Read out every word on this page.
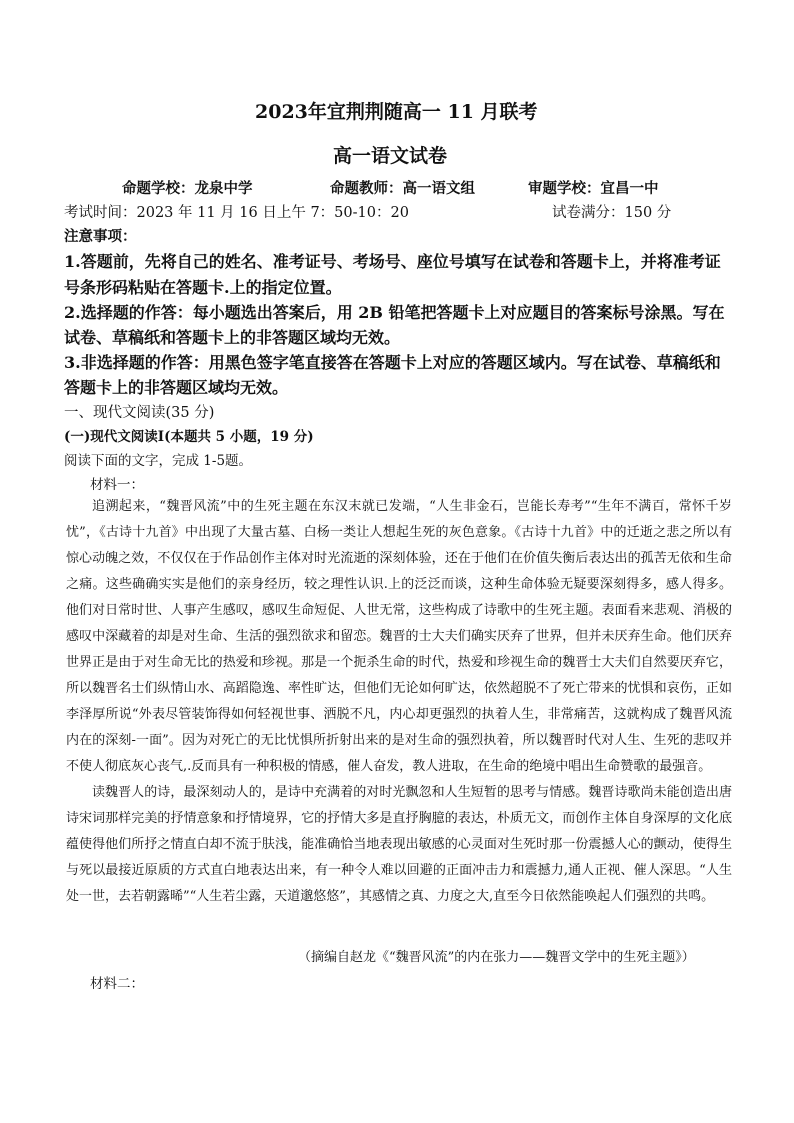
2023年宜荆荆随高一 11 月联考
高一语文试卷
命题学校：龙泉中学	命题教师：高一语文组	审题学校：宜昌一中
考试时间：2023 年 11 月 16 日上午 7：50-10：20	试卷满分：150 分
注意事项：
1.答题前，先将自己的姓名、准考证号、考场号、座位号填写在试卷和答题卡上，并将准考证
号条形码粘贴在答题卡.上的指定位置。
2.选择题的作答：每小题选出答案后，用 2B 铅笔把答题卡上对应题目的答案标号涂黑。写在
试卷、草稿纸和答题卡上的非答题区域均无效。
3.非选择题的作答：用黑色签字笔直接答在答题卡上对应的答题区域内。写在试卷、草稿纸和
答题卡上的非答题区域均无效。
一、现代文阅读(35 分)
(一)现代文阅读Ⅰ(本题共 5 小题，19 分)
阅读下面的文字，完成 1-5题。
材料一：

追溯起来，“魏晋风流”中的生死主题在东汉末就已发端，“人生非金石，岂能长寿考”“生年不满百，常怀千岁忧”，《古诗十九首》中出现了大量古墓、白杨一类让人想起生死的灰色意象。《古诗十九首》中的迁逝之悲之所以有惊心动魄之效，不仅仅在于作品创作主体对时光流逝的深刻体验，还在于他们在价值失衡后表达出的孤苦无依和生命之痛。这些确确实实是他们的亲身经历，较之理性认识.上的泛泛而谈，这种生命体验无疑要深刻得多，感人得多。他们对日常时世、人事产生感叹，感叹生命短促、人世无常，这些构成了诗歌中的生死主题。表面看来悲观、消极的感叹中深藏着的却是对生命、生活的强烈欲求和留恋。魏晋的士大夫们确实厌弃了世界，但并未厌弃生命。他们厌弃世界正是由于对生命无比的热爱和珍视。那是一个扼杀生命的时代，热爱和珍视生命的魏晋士大夫们自然要厌弃它，所以魏晋名士们纵情山水、高蹈隐逸、率性旷达，但他们无论如何旷达，依然超脱不了死亡带来的忧惧和哀伤，正如李泽厚所说“外表尽管装饰得如何轻视世事、洒脱不凡，内心却更强烈的执着人生，非常痛苦，这就构成了魏晋风流内在的深刻-一面”。因为对死亡的无比忧惧所折射出来的是对生命的强烈执着，所以魏晋时代对人生、生死的悲叹并不使人彻底灰心丧气,.反而具有一种积极的情感，催人奋发，教人进取，在生命的绝境中唱出生命赞歌的最强音。

读魏晋人的诗，最深刻动人的，是诗中充满着的对时光飘忽和人生短暂的思考与情感。魏晋诗歌尚未能创造出唐诗宋词那样完美的抒情意象和抒情境界，它的抒情大多是直抒胸臆的表达，朴质无文，而创作主体自身深厚的文化底蕴使得他们所抒之情直白却不流于肤浅，能准确恰当地表现出敏感的心灵面对生死时那一份震撼人心的颤动，使得生与死以最接近原质的方式直白地表达出来，有一种令人难以回避的正面冲击力和震撼力,通人正视、催人深思。“人生处一世，去若朝露晞”“人生若尘露，天道邈悠悠”，其感情之真、力度之大,直至今日依然能唤起人们强烈的共鸣。

（摘编自赵龙《“魏晋风流”的内在张力——魏晋文学中的生死主题》）
材料二：
